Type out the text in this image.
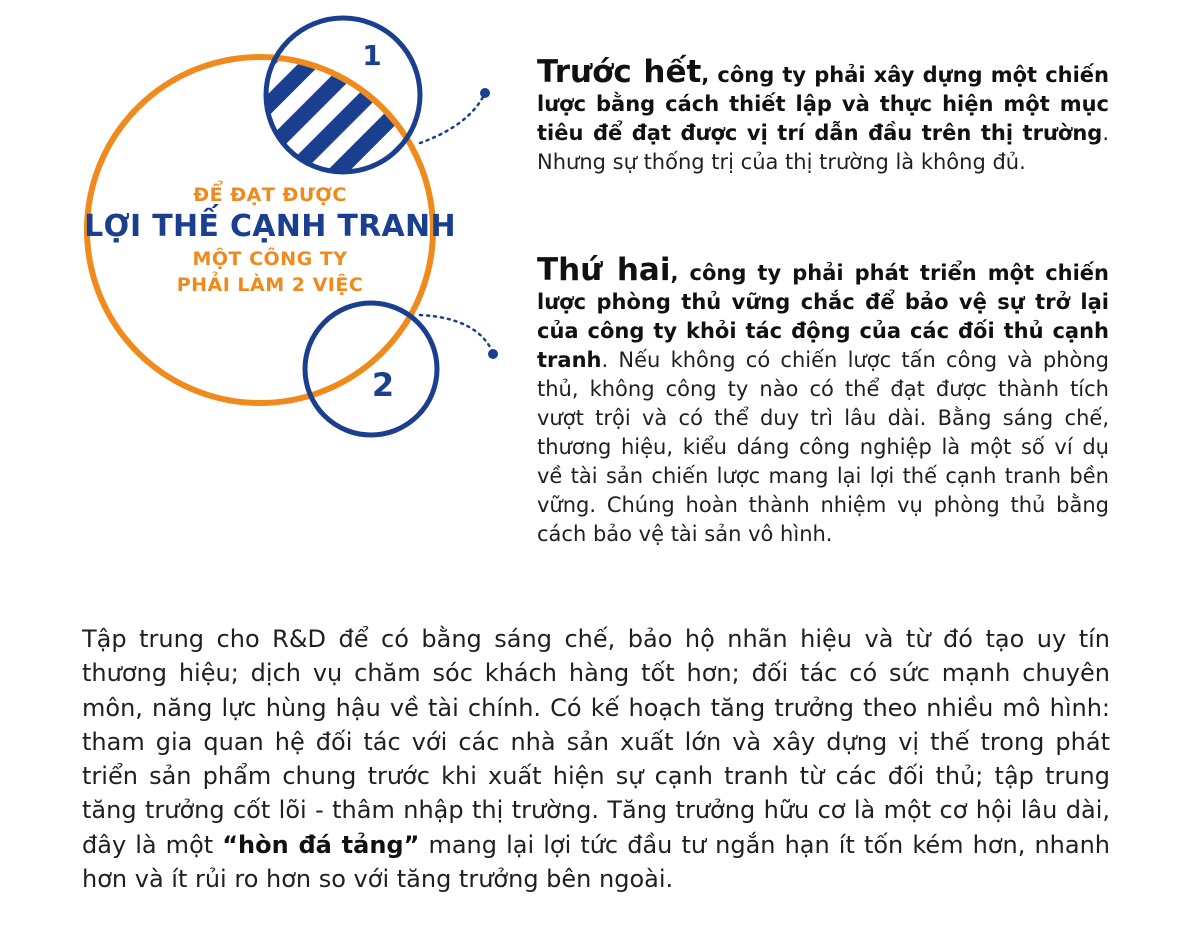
1
2
ĐỂ ĐẠT ĐƯỢC
LỢI THẾ CẠNH TRANH
MỘT CÔNG TY
PHẢI LÀM 2 VIỆC
Trước hết, công ty phải xây dựng một chiến lược bằng cách thiết lập và thực hiện một mục tiêu để đạt được vị trí dẫn đầu trên thị trường. Nhưng sự thống trị của thị trường là không đủ.
Thứ hai, công ty phải phát triển một chiến lược phòng thủ vững chắc để bảo vệ sự trở lại của công ty khỏi tác động của các đối thủ cạnh tranh. Nếu không có chiến lược tấn công và phòng thủ, không công ty nào có thể đạt được thành tích vượt trội và có thể duy trì lâu dài. Bằng sáng chế, thương hiệu, kiểu dáng công nghiệp là một số ví dụ về tài sản chiến lược mang lại lợi thế cạnh tranh bền vững. Chúng hoàn thành nhiệm vụ phòng thủ bằng cách bảo vệ tài sản vô hình.
Tập trung cho R&D để có bằng sáng chế, bảo hộ nhãn hiệu và từ đó tạo uy tín thương hiệu; dịch vụ chăm sóc khách hàng tốt hơn; đối tác có sức mạnh chuyên môn, năng lực hùng hậu về tài chính. Có kế hoạch tăng trưởng theo nhiều mô hình: tham gia quan hệ đối tác với các nhà sản xuất lớn và xây dựng vị thế trong phát triển sản phẩm chung trước khi xuất hiện sự cạnh tranh từ các đối thủ; tập trung tăng trưởng cốt lõi - thâm nhập thị trường. Tăng trưởng hữu cơ là một cơ hội lâu dài, đây là một “hòn đá tảng” mang lại lợi tức đầu tư ngắn hạn ít tốn kém hơn, nhanh hơn và ít rủi ro hơn so với tăng trưởng bên ngoài.
